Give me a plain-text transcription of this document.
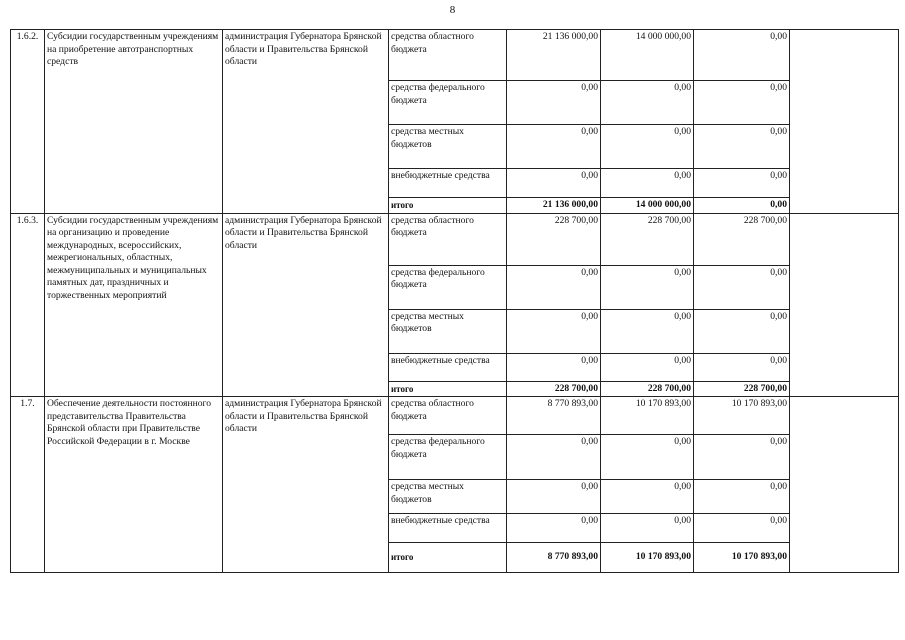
8
1.6.2.	Субсидии государственным учреждениям на приобретение автотранспортных средств	администрация Губернатора Брянской области и Правительства Брянской области	средства областного бюджета	21 136 000,00	14 000 000,00	0,00	
			средства федерального бюджета	0,00	0,00	0,00	
			средства местных бюджетов	0,00	0,00	0,00	
			внебюджетные средства	0,00	0,00	0,00	
			итого	21 136 000,00	14 000 000,00	0,00	
1.6.3.	Субсидии государственным учреждениям на организацию и проведение международных, всероссийских, межрегиональных, областных, межмуниципальных и муниципальных памятных дат, праздничных и торжественных мероприятий	администрация Губернатора Брянской области и Правительства Брянской области	средства областного бюджета	228 700,00	228 700,00	228 700,00	
			средства федерального бюджета	0,00	0,00	0,00	
			средства местных бюджетов	0,00	0,00	0,00	
			внебюджетные средства	0,00	0,00	0,00	
			итого	228 700,00	228 700,00	228 700,00	
1.7.	Обеспечение деятельности постоянного представительства Правительства Брянской области при Правительстве Российской Федерации в г. Москве	администрация Губернатора Брянской области и Правительства Брянской области	средства областного бюджета	8 770 893,00	10 170 893,00	10 170 893,00	
			средства федерального бюджета	0,00	0,00	0,00	
			средства местных бюджетов	0,00	0,00	0,00	
			внебюджетные средства	0,00	0,00	0,00	
			итого	8 770 893,00	10 170 893,00	10 170 893,00	
